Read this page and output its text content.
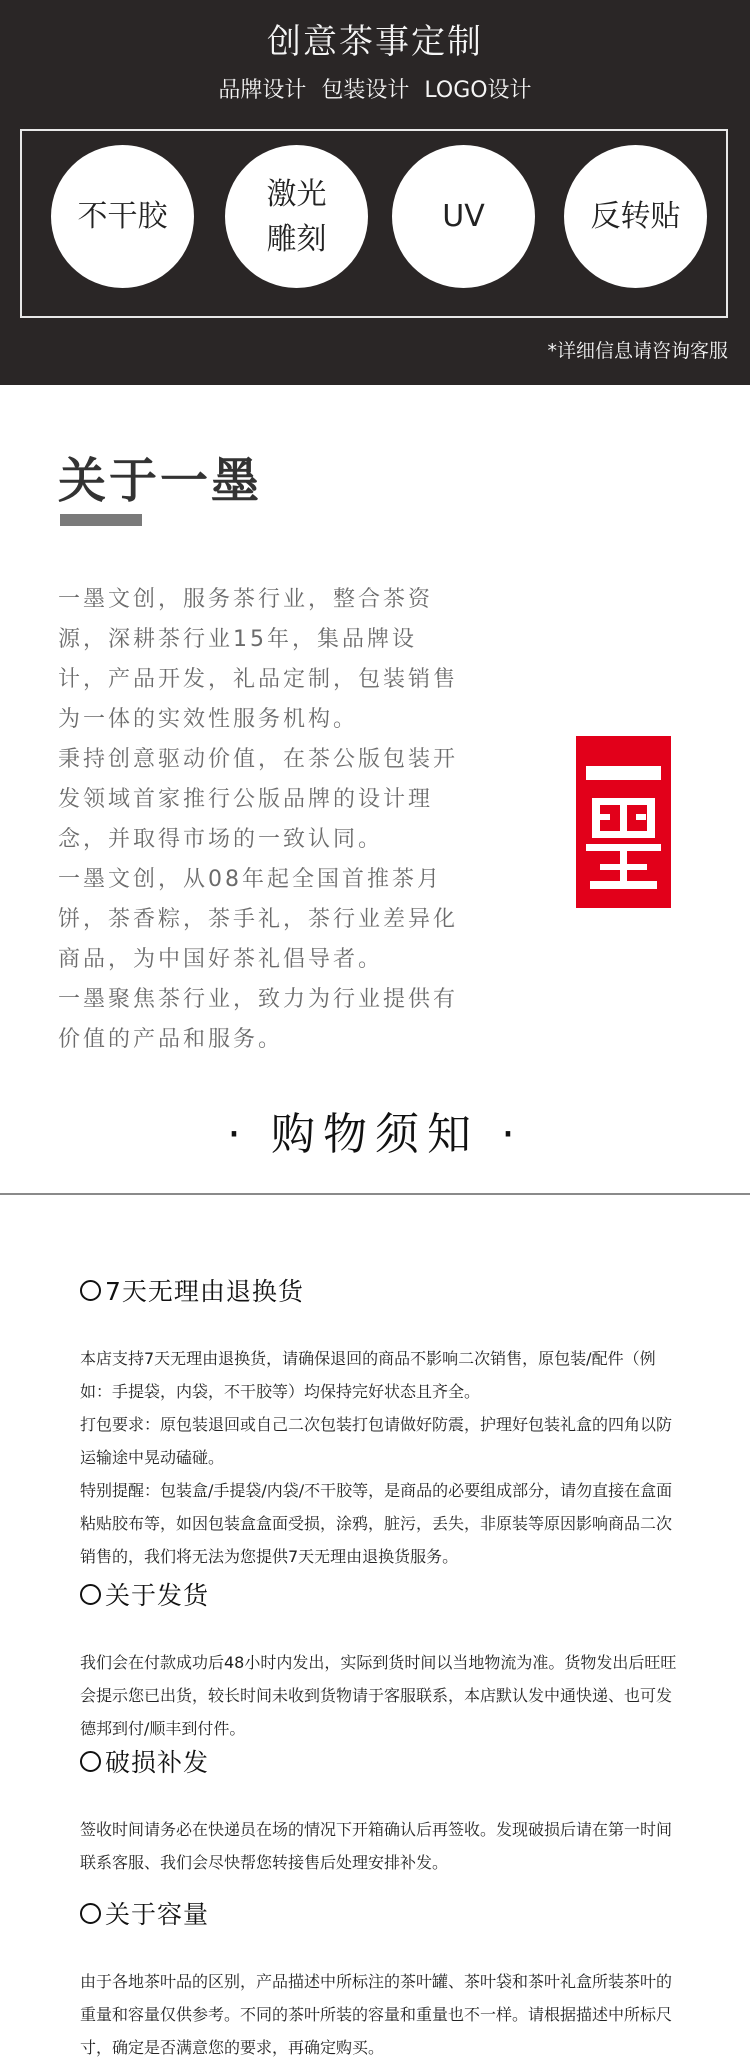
创意茶事定制
品牌设计 包装设计 LOGO设计
不干胶
激光
雕刻
UV	反转贴
*详细信息请咨询客服
关于一墨

一墨文创，服务茶行业，整合茶资源，深耕茶行业15年，集品牌设计，产品开发，礼品定制，包装销售为一体的实效性服务机构。

秉持创意驱动价值，在茶公版包装开发领域首家推行公版品牌的设计理念，并取得市场的一致认同。

一墨文创，从08年起全国首推茶月饼，茶香粽，茶手礼，茶行业差异化商品，为中国好茶礼倡导者。

一墨聚焦茶行业，致力为行业提供有价值的产品和服务。

· 购物须知 ·
7天无理由退换货

本店支持7天无理由退换货，请确保退回的商品不影响二次销售，原包装/配件（例如：手提袋，内袋，不干胶等）均保持完好状态且齐全。

打包要求：原包装退回或自己二次包装打包请做好防震，护理好包装礼盒的四角以防运输途中晃动磕碰。

特别提醒：包装盒/手提袋/内袋/不干胶等，是商品的必要组成部分，请勿直接在盒面粘贴胶布等，如因包装盒盒面受损，涂鸦，脏污，丢失，非原装等原因影响商品二次销售的，我们将无法为您提供7天无理由退换货服务。

关于发货

我们会在付款成功后48小时内发出，实际到货时间以当地物流为准。货物发出后旺旺会提示您已出货，较长时间未收到货物请于客服联系，本店默认发中通快递、也可发德邦到付/顺丰到付件。

破损补发

签收时间请务必在快递员在场的情况下开箱确认后再签收。发现破损后请在第一时间联系客服、我们会尽快帮您转接售后处理安排补发。

关于容量

由于各地茶叶品的区别，产品描述中所标注的茶叶罐、茶叶袋和茶叶礼盒所装茶叶的重量和容量仅供参考。不同的茶叶所装的容量和重量也不一样。请根据描述中所标尺寸，确定是否满意您的要求，再确定购买。
